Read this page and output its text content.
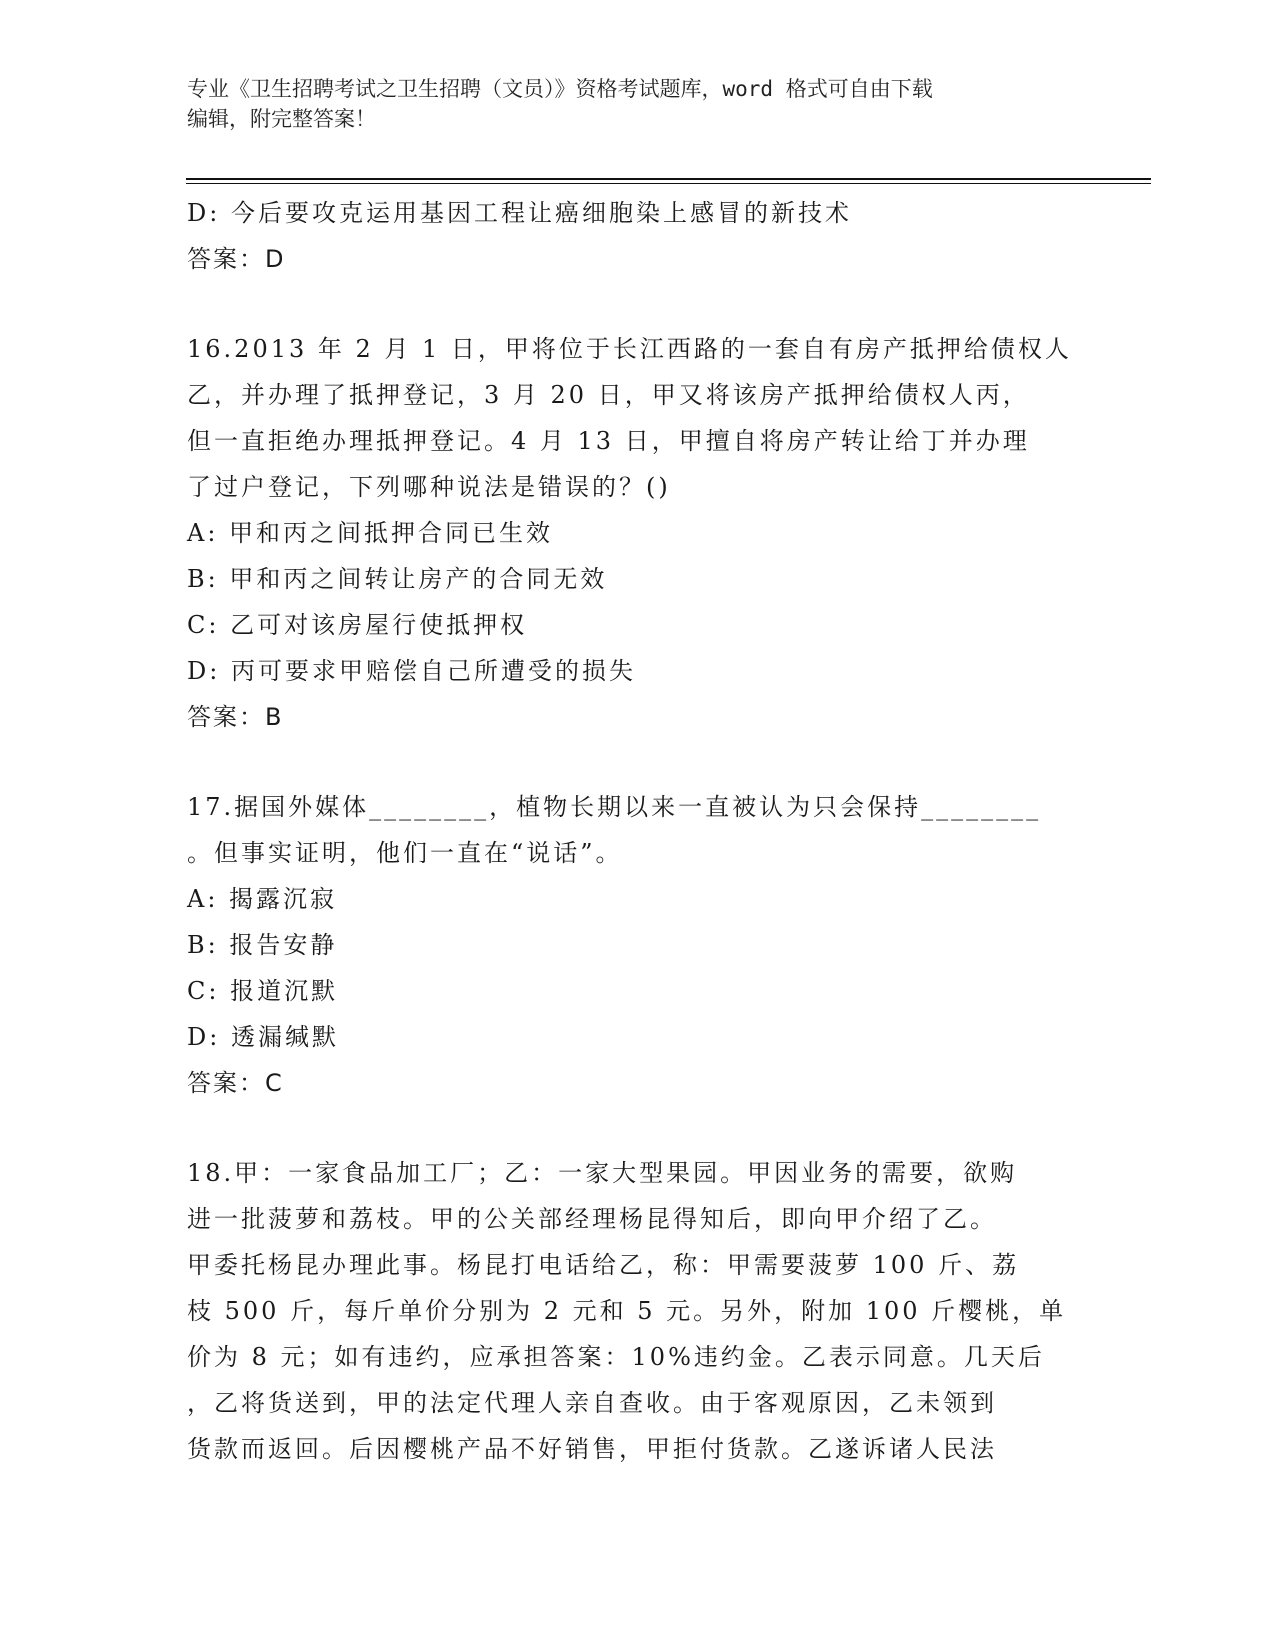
专业《卫生招聘考试之卫生招聘（文员）》资格考试题库，word 格式可自由下载
编辑，附完整答案！
D: 今后要攻克运用基因工程让癌细胞染上感冒的新技术
答案：D
16.2013 年 2 月 1 日，甲将位于长江西路的一套自有房产抵押给债权人
乙，并办理了抵押登记，3 月 20 日，甲又将该房产抵押给债权人丙，
但一直拒绝办理抵押登记。4 月 13 日，甲擅自将房产转让给丁并办理
了过户登记，下列哪种说法是错误的？()
A: 甲和丙之间抵押合同已生效
B: 甲和丙之间转让房产的合同无效
C: 乙可对该房屋行使抵押权
D: 丙可要求甲赔偿自己所遭受的损失
答案：B
17.据国外媒体________，植物长期以来一直被认为只会保持________
。但事实证明，他们一直在“说话”。
A: 揭露沉寂
B: 报告安静
C: 报道沉默
D: 透漏缄默
答案：C
18.甲：一家食品加工厂；乙：一家大型果园。甲因业务的需要，欲购
进一批菠萝和荔枝。甲的公关部经理杨昆得知后，即向甲介绍了乙。
甲委托杨昆办理此事。杨昆打电话给乙，称：甲需要菠萝 100 斤、荔
枝 500 斤，每斤单价分别为 2 元和 5 元。另外，附加 100 斤樱桃，单
价为 8 元；如有违约，应承担答案：10%违约金。乙表示同意。几天后
，乙将货送到，甲的法定代理人亲自查收。由于客观原因，乙未领到
货款而返回。后因樱桃产品不好销售，甲拒付货款。乙遂诉诸人民法
